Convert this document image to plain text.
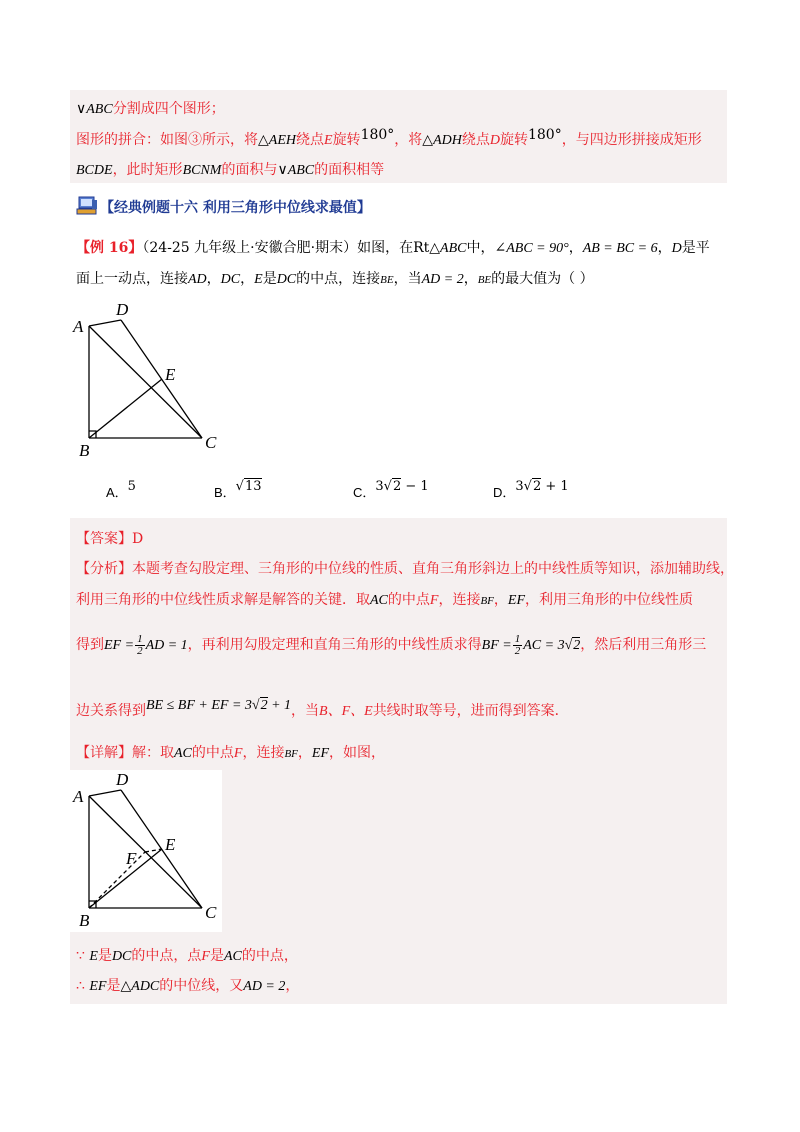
∨ABC分割成四个图形；
图形的拼合：如图③所示，将△AEH绕点E旋转180°，将△ADH绕点D旋转180°，与四边形拼接成矩形
BCDE，此时矩形BCNM的面积与∨ABC的面积相等
【经典例题十六 利用三角形中位线求最值】
【例 16】（24-25 九年级上·安徽合肥·期末）如图，在Rt△ABC中，∠ABC = 90°，AB = BC = 6，D是平
面上一动点，连接AD，DC，E是DC的中点，连接BE，当AD = 2，BE的最大值为（ ）
A
D
E
B	C
A．5	B．√13	C．3√2 − 1	D．3√2 + 1
【答案】D
【分析】本题考查勾股定理、三角形的中位线的性质、直角三角形斜边上的中线性质等知识，添加辅助线，
利用三角形的中位线性质求解是解答的关键．取AC的中点F，连接BF，EF，利用三角形的中位线性质
得到EF = $\frac{1}{2}$ AD = 1，再利用勾股定理和直角三角形的中线性质求得BF = $\frac{1}{2}$ AC = 3√2，然后利用三角形三
边关系得到BE ≤ BF + EF = 3√2 + 1，当B、F、E共线时取等号，进而得到答案．
【详解】解：取AC的中点F，连接BF，EF，如图，
A
D
E
F
B	C
∵ E是DC的中点，点F是AC的中点，
∴ EF是△ADC的中位线，又AD = 2，
